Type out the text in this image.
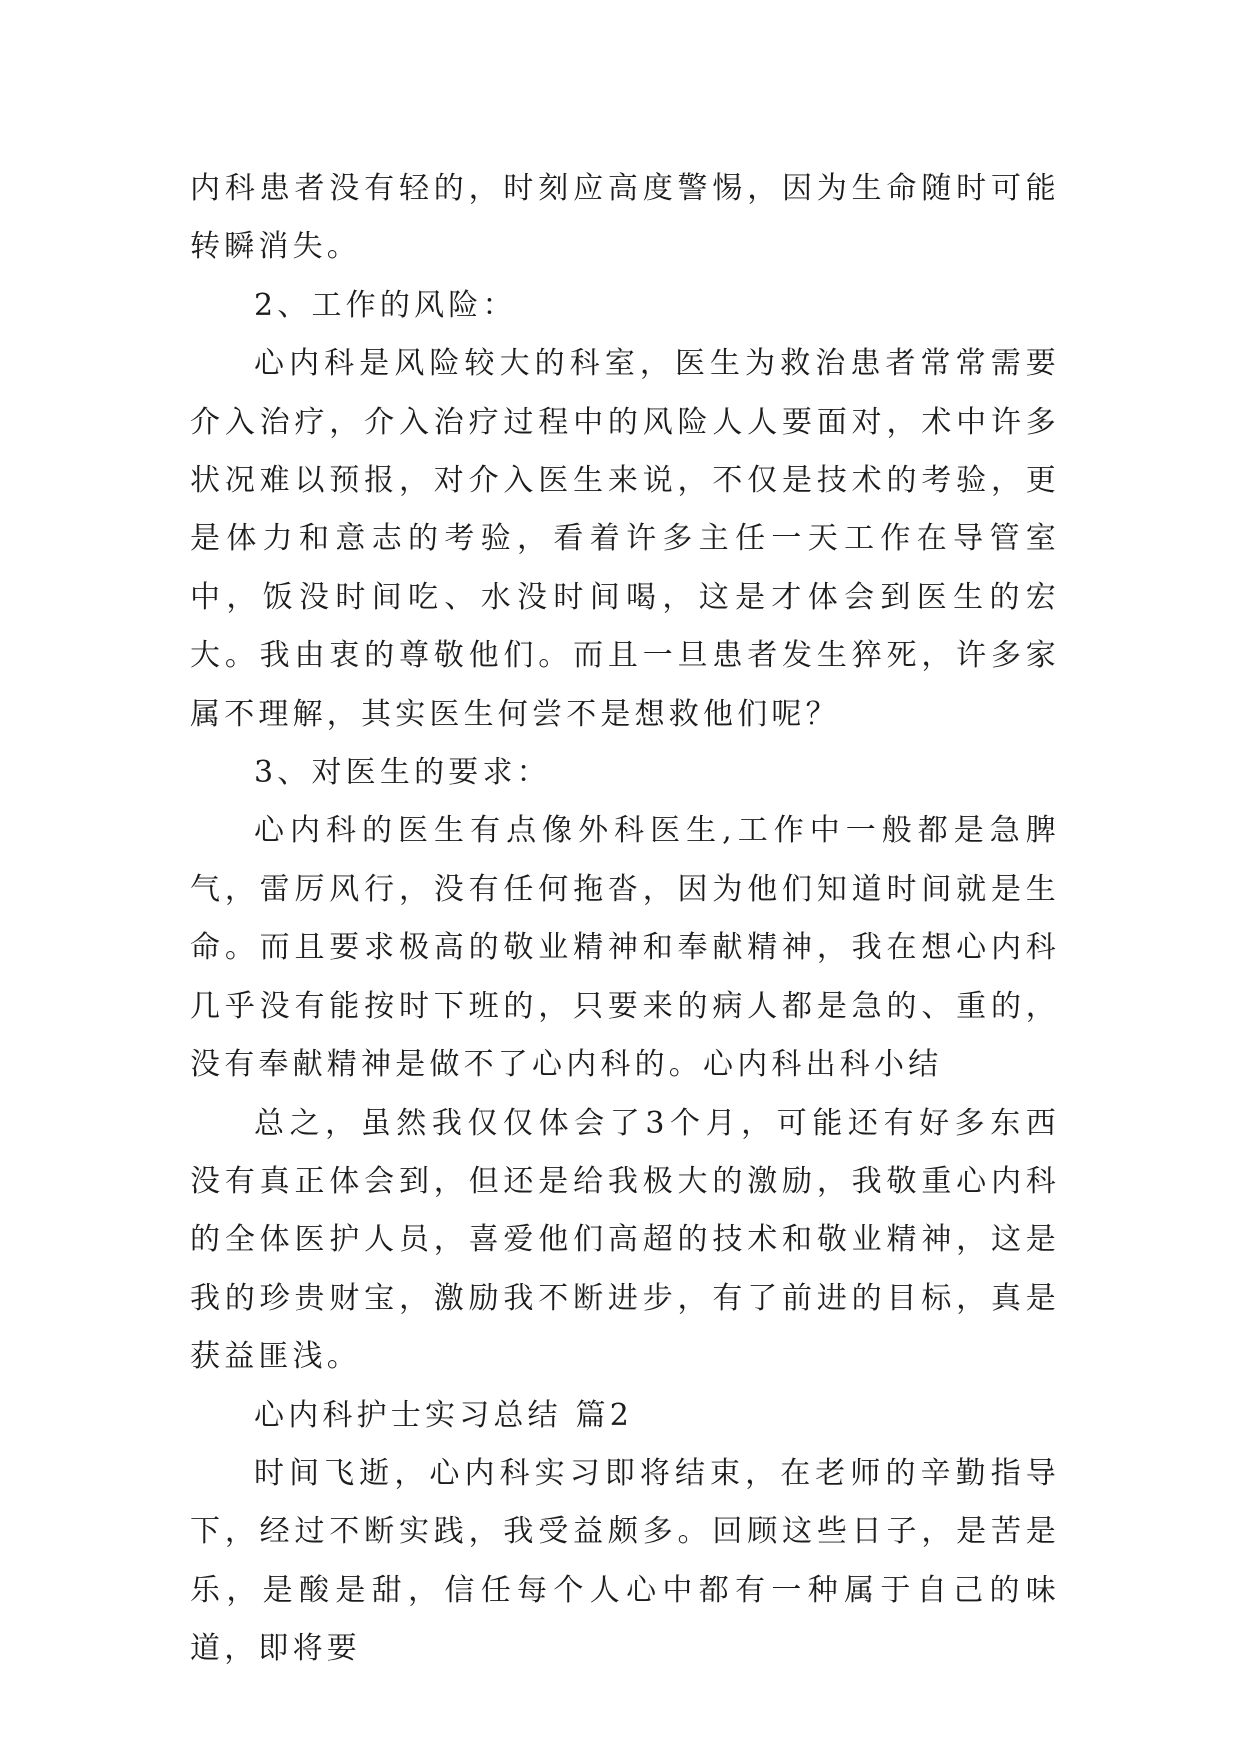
内科患者没有轻的，时刻应高度警惕，因为生命随时可能转瞬消失。

2、工作的风险：

心内科是风险较大的科室，医生为救治患者常常需要介入治疗，介入治疗过程中的风险人人要面对，术中许多状况难以预报，对介入医生来说，不仅是技术的考验，更是体力和意志的考验，看着许多主任一天工作在导管室中，饭没时间吃、水没时间喝，这是才体会到医生的宏大。我由衷的尊敬他们。而且一旦患者发生猝死，许多家属不理解，其实医生何尝不是想救他们呢？

3、对医生的要求：

心内科的医生有点像外科医生,工作中一般都是急脾气，雷厉风行，没有任何拖沓，因为他们知道时间就是生命。而且要求极高的敬业精神和奉献精神，我在想心内科几乎没有能按时下班的，只要来的病人都是急的、重的，没有奉献精神是做不了心内科的。心内科出科小结

总之，虽然我仅仅体会了3个月，可能还有好多东西没有真正体会到，但还是给我极大的激励，我敬重心内科的全体医护人员，喜爱他们高超的技术和敬业精神，这是我的珍贵财宝，激励我不断进步，有了前进的目标，真是获益匪浅。

心内科护士实习总结 篇2

时间飞逝，心内科实习即将结束，在老师的辛勤指导下，经过不断实践，我受益颇多。回顾这些日子，是苦是乐，是酸是甜，信任每个人心中都有一种属于自己的味道，即将要
